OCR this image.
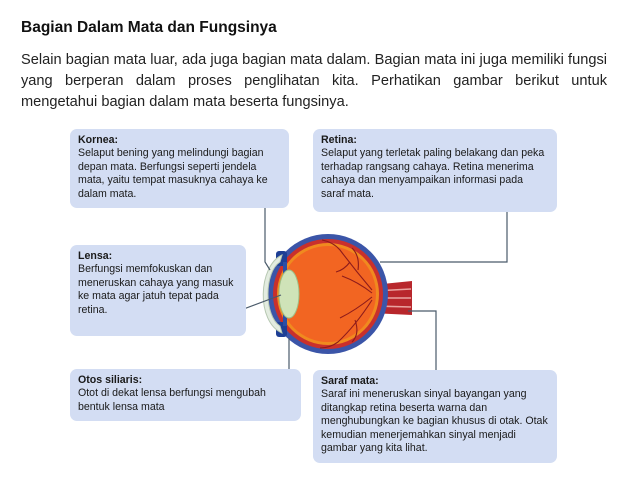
Bagian Dalam Mata dan Fungsinya
Selain bagian mata luar, ada juga bagian mata dalam. Bagian mata ini juga memiliki fungsi yang berperan dalam proses penglihatan kita. Perhatikan gambar berikut untuk mengetahui bagian dalam mata beserta fungsinya.
Kornea:
Selaput bening yang melindungi bagian depan mata. Berfungsi seperti jendela mata, yaitu tempat masuknya cahaya ke dalam mata.
Retina:
Selaput yang terletak paling belakang dan peka terhadap rangsang cahaya. Retina menerima cahaya dan menyampaikan informasi pada saraf mata.
Lensa:
Berfungsi memfokuskan dan meneruskan cahaya yang masuk ke mata agar jatuh tepat pada retina.
Otos siliaris:
Otot di dekat lensa berfungsi mengubah bentuk lensa mata
Saraf mata:
Saraf ini meneruskan sinyal bayangan yang ditangkap retina beserta warna dan menghubungkan ke bagian khusus di otak. Otak kemudian menerjemahkan sinyal menjadi gambar yang kita lihat.
